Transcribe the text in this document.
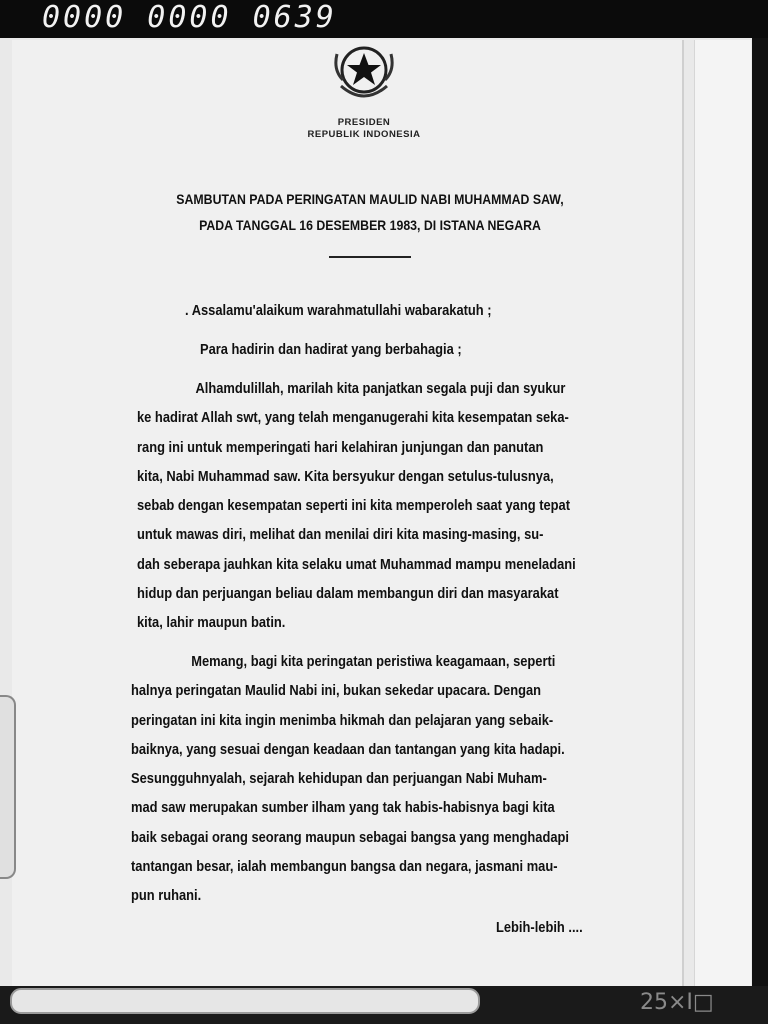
0000 0000 0639
PRESIDEN
REPUBLIK INDONESIA
SAMBUTAN PADA PERINGATAN MAULID NABI MUHAMMAD SAW,
PADA TANGGAL 16 DESEMBER 1983, DI ISTANA NEGARA
. Assalamu'alaikum warahmatullahi wabarakatuh ;
Para hadirin dan hadirat yang berbahagia ;
Alhamdulillah, marilah kita panjatkan segala puji dan syukur
ke hadirat Allah swt, yang telah menganugerahi kita kesempatan seka-
rang ini untuk memperingati hari kelahiran junjungan dan panutan
kita, Nabi Muhammad saw. Kita bersyukur dengan setulus-tulusnya,
sebab dengan kesempatan seperti ini kita memperoleh saat yang tepat
untuk mawas diri, melihat dan menilai diri kita masing-masing, su-
dah seberapa jauhkan kita selaku umat Muhammad mampu meneladani
hidup dan perjuangan beliau dalam membangun diri dan masyarakat
kita, lahir maupun batin.
Memang, bagi kita peringatan peristiwa keagamaan, seperti
halnya peringatan Maulid Nabi ini, bukan sekedar upacara. Dengan
peringatan ini kita ingin menimba hikmah dan pelajaran yang sebaik-
baiknya, yang sesuai dengan keadaan dan tantangan yang kita hadapi.
Sesungguhnyalah, sejarah kehidupan dan perjuangan Nabi Muham-
mad saw merupakan sumber ilham yang tak habis-habisnya bagi kita
baik sebagai orang seorang maupun sebagai bangsa yang menghadapi
tantangan besar, ialah membangun bangsa dan negara, jasmani mau-
pun ruhani.
Lebih-lebih ....
25×I□
